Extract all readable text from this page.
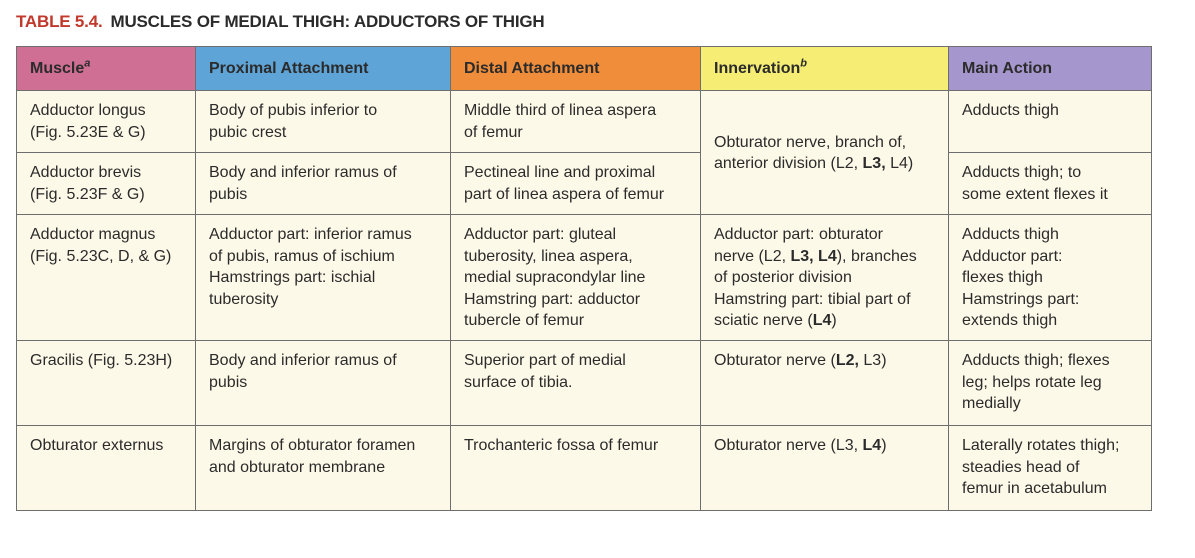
TABLE 5.4. MUSCLES OF MEDIAL THIGH: ADDUCTORS OF THIGH
Muscle$^a$	Proximal Attachment	Distal Attachment	Innervation$^b$	Main Action

Adductor longus
(Fig. 5.23E & G)	Body of pubis inferior to
pubic crest	Middle third of linea aspera
of femur	Obturator nerve, branch of,
anterior division (L2, L3, L4)	Adducts thigh

Adductor brevis
(Fig. 5.23F & G)	Body and inferior ramus of
pubis	Pectineal line and proximal
part of linea aspera of femur		Adducts thigh; to
some extent flexes it

Adductor magnus
(Fig. 5.23C, D, & G)	Adductor part: inferior ramus
of pubis, ramus of ischium
Hamstrings part: ischial
tuberosity	Adductor part: gluteal
tuberosity, linea aspera,
medial supracondylar line
Hamstring part: adductor
tubercle of femur	Adductor part: obturator
nerve (L2, L3, L4), branches
of posterior division
Hamstring part: tibial part of
sciatic nerve (L4)	Adducts thigh
Adductor part:
flexes thigh
Hamstrings part:
extends thigh

Gracilis (Fig. 5.23H)	Body and inferior ramus of
pubis	Superior part of medial
surface of tibia.	Obturator nerve (L2, L3)	Adducts thigh; flexes
leg; helps rotate leg
medially

Obturator externus	Margins of obturator foramen
and obturator membrane	Trochanteric fossa of femur	Obturator nerve (L3, L4)	Laterally rotates thigh;
steadies head of
femur in acetabulum
